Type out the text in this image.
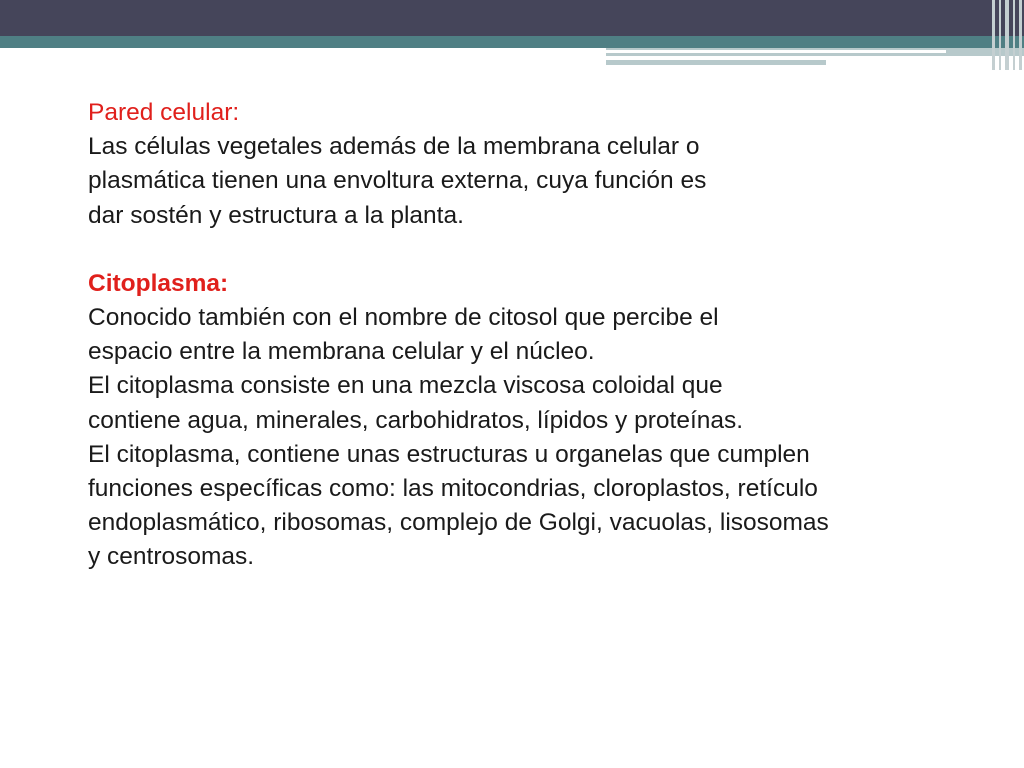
Pared celular:

Las células vegetales además de la membrana celular o

plasmática tienen una envoltura externa, cuya función es

dar sostén y estructura a la planta.

Citoplasma:

Conocido también con el nombre de citosol que percibe el

espacio entre la membrana celular y el núcleo.

El citoplasma consiste en una mezcla viscosa coloidal que

contiene agua, minerales, carbohidratos, lípidos y proteínas.

El citoplasma, contiene unas estructuras u organelas que cumplen

funciones específicas como: las mitocondrias, cloroplastos, retículo

endoplasmático, ribosomas, complejo de Golgi, vacuolas, lisosomas

y centrosomas.
